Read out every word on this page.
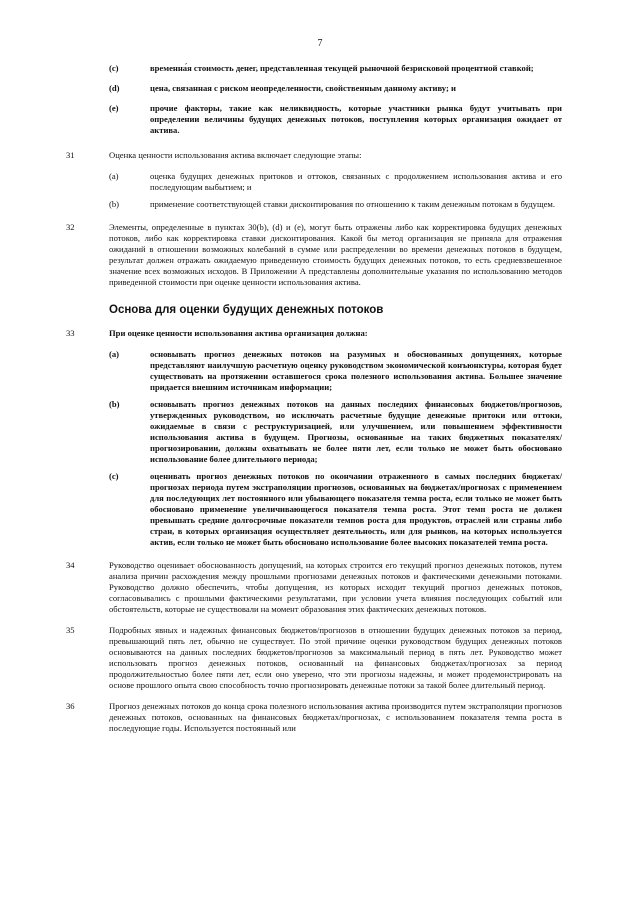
7
(c)	временна́я стоимость денег, представленная текущей рыночной безрисковой процентной ставкой;
(d)	цена, связанная с риском неопределенности, свойственным данному активу; и
(e)	прочие факторы, такие как неликвидность, которые участники рынка будут учитывать при определении величины будущих денежных потоков, поступления которых организация ожидает от актива.
31	Оценка ценности использования актива включает следующие этапы:
(a)	оценка будущих денежных притоков и оттоков, связанных с продолжением использования актива и его последующим выбытием; и
(b)	применение соответствующей ставки дисконтирования по отношению к таким денежным потокам в будущем.
32	Элементы, определенные в пунктах 30(b), (d) и (e), могут быть отражены либо как корректировка будущих денежных потоков, либо как корректировка ставки дисконтирования. Какой бы метод организация не приняла для отражения ожиданий в отношении возможных колебаний в сумме или распределении во времени денежных потоков в будущем, результат должен отражать ожидаемую приведенную стоимость будущих денежных потоков, то есть средневзвешенное значение всех возможных исходов. В Приложении А представлены дополнительные указания по использованию методов приведенной стоимости при оценке ценности использования актива.
Основа для оценки будущих денежных потоков
33	При оценке ценности использования актива организация должна:
(a)	основывать прогноз денежных потоков на разумных и обоснованных допущениях, которые представляют наилучшую расчетную оценку руководством экономической конъюнктуры, которая будет существовать на протяжении оставшегося срока полезного использования актива. Большее значение придается внешним источникам информации;
(b)	основывать прогноз денежных потоков на данных последних финансовых бюджетов/прогнозов, утвержденных руководством, но исключать расчетные будущие денежные притоки или оттоки, ожидаемые в связи с реструктуризацией, или улучшением, или повышением эффективности использования актива в будущем. Прогнозы, основанные на таких бюджетных показателях/прогнозировании, должны охватывать не более пяти лет, если только не может быть обосновано использование более длительного периода;
(c)	оценивать прогноз денежных потоков по окончании отраженного в самых последних бюджетах/прогнозах периода путем экстраполяции прогнозов, основанных на бюджетах/прогнозах с применением для последующих лет постоянного или убывающего показателя темпа роста, если только не может быть обосновано применение увеличивающегося показателя темпа роста. Этот темп роста не должен превышать средние долгосрочные показатели темпов роста для продуктов, отраслей или страны либо стран, в которых организация осуществляет деятельность, или для рынков, на которых используется актив, если только не может быть обосновано использование более высоких показателей темпа роста.
34	Руководство оценивает обоснованность допущений, на которых строится его текущий прогноз денежных потоков, путем анализа причин расхождения между прошлыми прогнозами денежных потоков и фактическими денежными потоками. Руководство должно обеспечить, чтобы допущения, из которых исходит текущий прогноз денежных потоков, согласовывались с прошлыми фактическими результатами, при условии учета влияния последующих событий или обстоятельств, которые не существовали на момент образования этих фактических денежных потоков.
35	Подробных явных и надежных финансовых бюджетов/прогнозов в отношении будущих денежных потоков за период, превышающий пять лет, обычно не существует. По этой причине оценки руководством будущих денежных потоков основываются на данных последних бюджетов/прогнозов за максимальный период в пять лет. Руководство может использовать прогноз денежных потоков, основанный на финансовых бюджетах/прогнозах за период продолжительностью более пяти лет, если оно уверено, что эти прогнозы надежны, и может продемонстрировать на основе прошлого опыта свою способность точно прогнозировать денежные потоки за такой более длительный период.
36	Прогноз денежных потоков до конца срока полезного использования актива производится путем экстраполяции прогнозов денежных потоков, основанных на финансовых бюджетах/прогнозах, с использованием показателя темпа роста в последующие годы. Используется постоянный или
